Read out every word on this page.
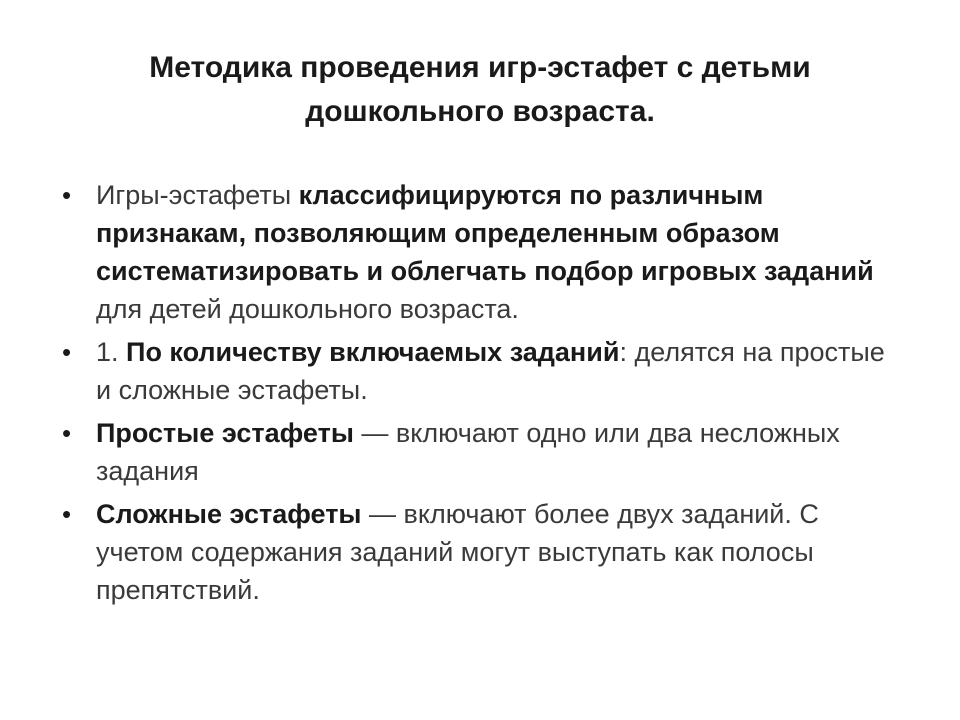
Методика проведения игр-эстафет с детьми
дошкольного возраста.
• Игры-эстафеты классифицируются по различным признакам, позволяющим определенным образом систематизировать и облегчать подбор игровых заданий для детей дошкольного возраста.
• 1. По количеству включаемых заданий: делятся на простые и сложные эстафеты.
• Простые эстафеты — включают одно или два несложных задания
• Сложные эстафеты — включают более двух заданий. С учетом содержания заданий могут выступать как полосы препятствий.
